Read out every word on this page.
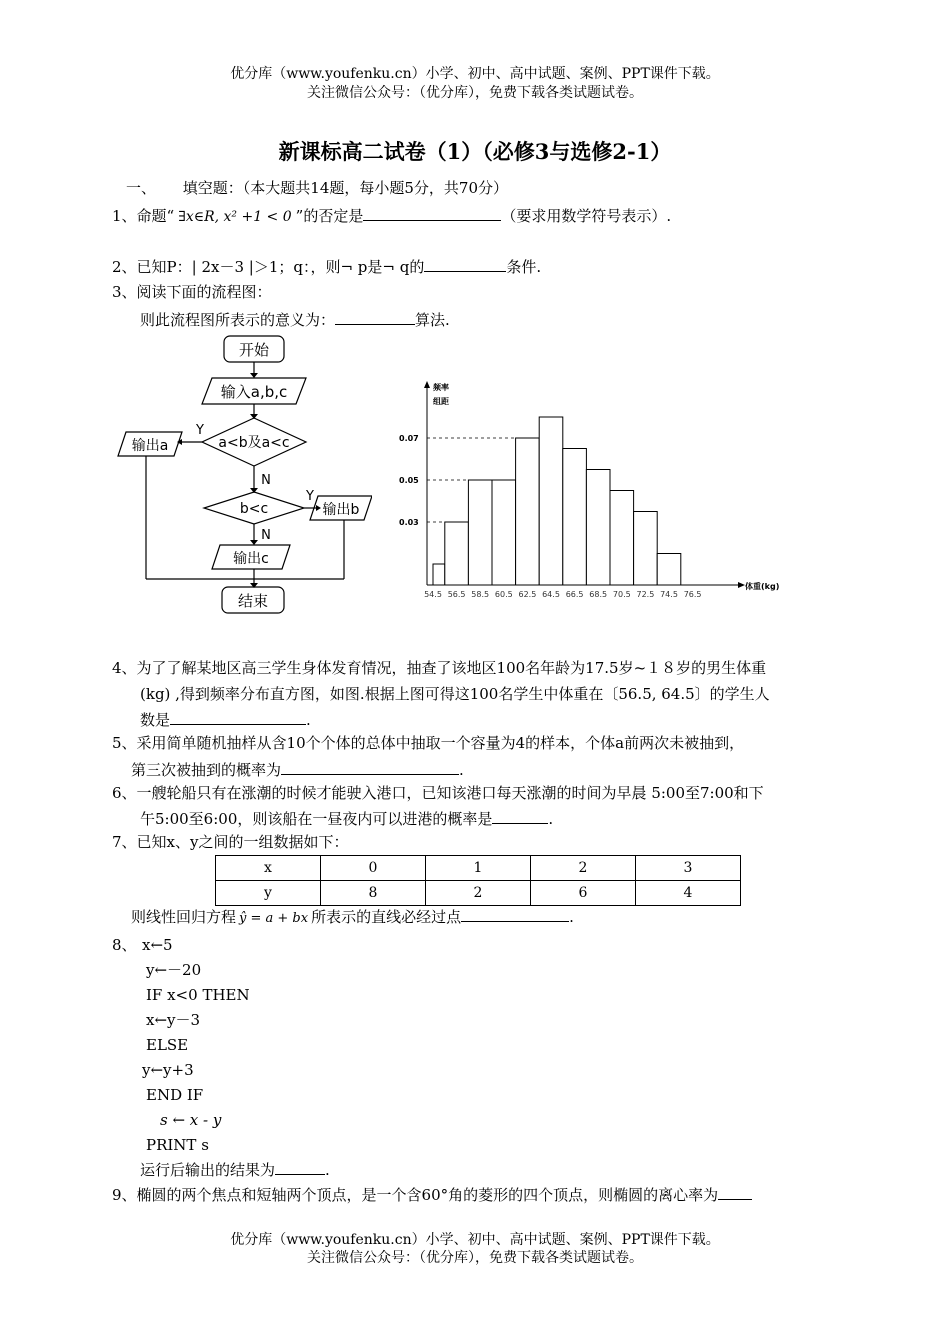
优分库（www.youfenku.cn）小学、初中、高中试题、案例、PPT课件下载。
关注微信公众号：（优分库），免费下载各类试题试卷。
新课标高二试卷（1）（必修3与选修2-1）
一、 填空题：（本大题共14题，每小题5分，共70分）
1、命题“ ∃x∈R, x² +1 < 0 ”的否定是	（要求用数学符号表示）.
2、已知P：| 2x－3 |＞1；q：，则¬ p是¬ q的	条件.
3、阅读下面的流程图：
则此流程图所表示的意义为：	算法.
开始
输入a,b,c
a<b及a<c
输出a
b<c	输出b
输出c
结束
Y
N
Y
N
频率
组距
体重(kg)
0.03
0.05
0.07
54.5 56.5 58.5 60.5 62.5 64.5 66.5 68.5 70.5 72.5 74.5 76.5
4、为了了解某地区高三学生身体发育情况，抽查了该地区100名年龄为17.5岁~１８岁的男生体重
(kg) ,得到频率分布直方图，如图.根据上图可得这100名学生中体重在〔56.5, 64.5〕的学生人
数是	.
5、采用简单随机抽样从含10个个体的总体中抽取一个容量为4的样本，个体a前两次未被抽到，
第三次被抽到的概率为	.
6、一艘轮船只有在涨潮的时候才能驶入港口，已知该港口每天涨潮的时间为早晨 5:00至7:00和下
午5:00至6:00，则该船在一昼夜内可以进港的概率是	.
7、已知x、y之间的一组数据如下：
x	0	1	2	3
y	8	2	6	4
则线性回归方程 ŷ = a + bx 所表示的直线必经过点	.
8、 x←5
y←－20
IF x<0 THEN
x←y－3
ELSE
y←y+3
END IF
s ← x - y
PRINT s
运行后输出的结果为	.
9、椭圆的两个焦点和短轴两个顶点，是一个含60°角的菱形的四个顶点，则椭圆的离心率为
优分库（www.youfenku.cn）小学、初中、高中试题、案例、PPT课件下载。
关注微信公众号：（优分库），免费下载各类试题试卷。
